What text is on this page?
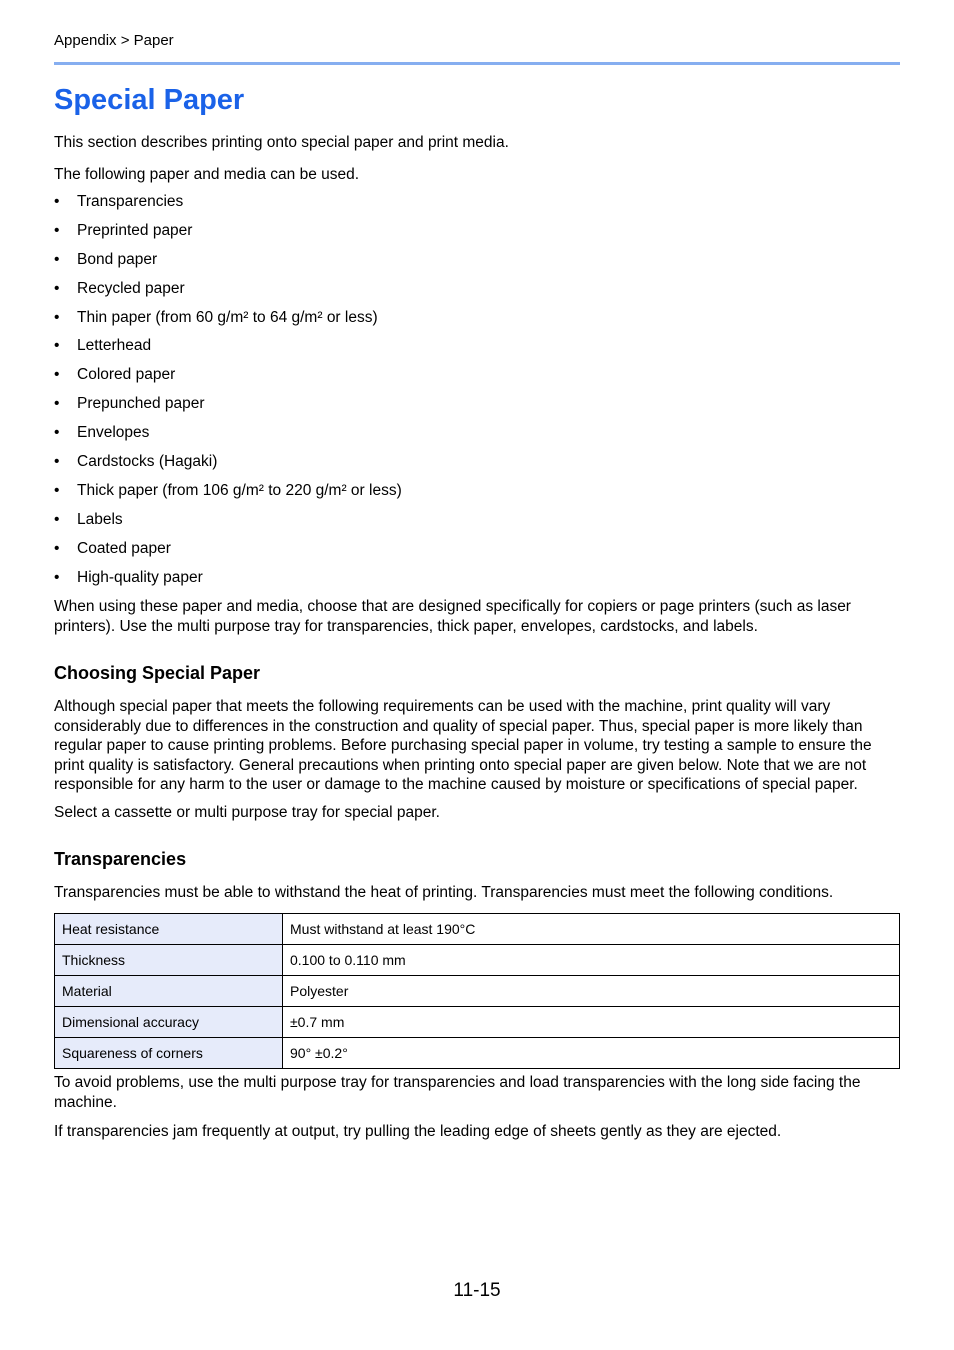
Appendix > Paper
Special Paper

This section describes printing onto special paper and print media.

The following paper and media can be used.

• Transparencies
• Preprinted paper
• Bond paper
• Recycled paper
• Thin paper (from 60 g/m² to 64 g/m² or less)
• Letterhead
• Colored paper
• Prepunched paper
• Envelopes
• Cardstocks (Hagaki)
• Thick paper (from 106 g/m² to 220 g/m² or less)
• Labels
• Coated paper
• High-quality paper

When using these paper and media, choose that are designed specifically for copiers or page printers (such as laser printers). Use the multi purpose tray for transparencies, thick paper, envelopes, cardstocks, and labels.

Choosing Special Paper

Although special paper that meets the following requirements can be used with the machine, print quality will vary considerably due to differences in the construction and quality of special paper. Thus, special paper is more likely than regular paper to cause printing problems. Before purchasing special paper in volume, try testing a sample to ensure the print quality is satisfactory. General precautions when printing onto special paper are given below. Note that we are not responsible for any harm to the user or damage to the machine caused by moisture or specifications of special paper.

Select a cassette or multi purpose tray for special paper.

Transparencies

Transparencies must be able to withstand the heat of printing. Transparencies must meet the following conditions.

Heat resistance	Must withstand at least 190°C
Thickness	0.100 to 0.110 mm
Material	Polyester
Dimensional accuracy	±0.7 mm
Squareness of corners	90° ±0.2°

To avoid problems, use the multi purpose tray for transparencies and load transparencies with the long side facing the machine.

If transparencies jam frequently at output, try pulling the leading edge of sheets gently as they are ejected.

11-15
